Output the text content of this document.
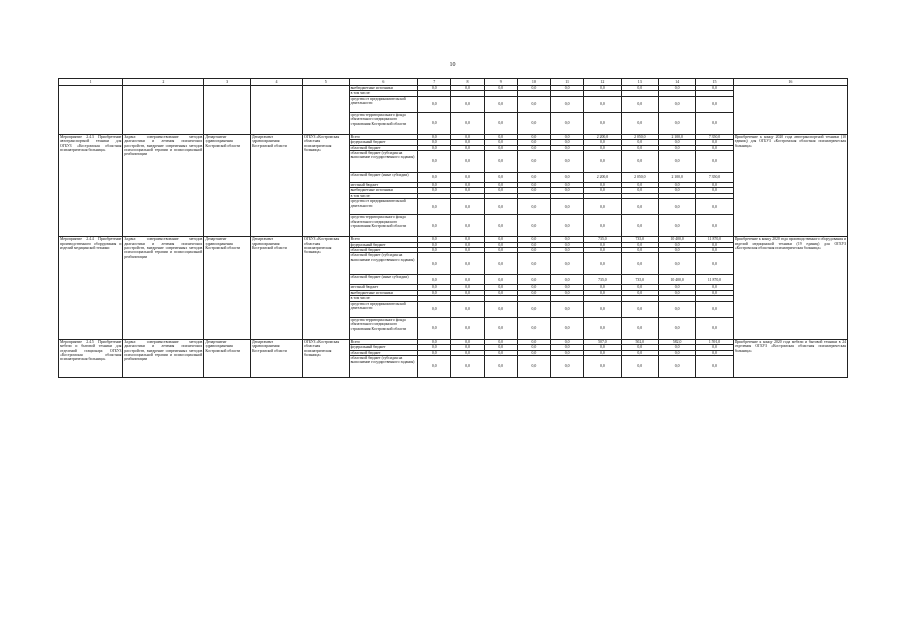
10
1	2	3	4	5	6	7	8	9	10	11	12	13	14	15	16
					внебюджетные источники	0,0	0,0	0,0	0,0	0,0	0,0	0,0	0,0	0,0	
					в том числе:										
					средства от предпринимательской деятельности	0,0	0,0	0,0	0,0	0,0	0,0	0,0	0,0	0,0	
					средства территориального фонда обязательного медицинского страхования Костромской области	0,0	0,0	0,0	0,0	0,0	0,0	0,0	0,0	0,0	
Мероприятие 2.4.3 Приобретение автотранспортной техники для ОГБУЗ «Костромская областная психиатрическая больница»	Задача: совершенствование методов диагностики и лечения психических расстройств, внедрение современных методов психосоциальной терапии и психосоциальной реабилитации	Департамент здравоохранения Костромской области	Департамент здравоохранения Костромской области	ОГБУЗ «Костромская областная психиатрическая больница»	Всего	0,0	0,0	0,0	0,0	0,0	2 200,0	2 050,0	2 100,0	7 350,0	Приобретение к концу 2020 года автотранспортной техники (10 единиц) для ОГБУЗ «Костромская областная психиатрическая больница»
					федеральный бюджет	0,0	0,0	0,0	0,0	0,0	0,0	0,0	0,0	0,0	
					областной бюджет	0,0	0,0	0,0	0,0	0,0	0,0	0,0	0,0	0,0	
					областной бюджет (субсидия на выполнение государственного задания)	0,0	0,0	0,0	0,0	0,0	0,0	0,0	0,0	0,0	
					областной бюджет (иные субсидии)	0,0	0,0	0,0	0,0	0,0	2 200,0	2 050,0	2 100,0	7 350,0	
					местный бюджет	0,0	0,0	0,0	0,0	0,0	0,0	0,0	0,0	0,0	
					внебюджетные источники	0,0	0,0	0,0	0,0	0,0	0,0	0,0	0,0	0,0	
					в том числе:										
					средства от предпринимательской деятельности	0,0	0,0	0,0	0,0	0,0	0,0	0,0	0,0	0,0	
					средства территориального фонда обязательного медицинского страхования Костромской области	0,0	0,0	0,0	0,0	0,0	0,0	0,0	0,0	0,0	
Мероприятие 2.4.4 Приобретение производственного оборудования и изделий медицинской техники	Задача: совершенствование методов диагностики и лечения психических расстройств, внедрение современных методов психосоциальной терапии и психосоциальной реабилитации	Департамент здравоохранения Костромской области	Департамент здравоохранения Костромской области	ОГБУЗ «Костромская областная психиатрическая больница»	Всего	0,0	0,0	0,0	0,0	0,0	735,0	735,0	10 400,0	11 870,0	Приобретение к концу 2020 года производственного оборудования и изделий медицинской техники (19 единиц) для ОГБУЗ «Костромская областная психиатрическая больница»
					федеральный бюджет	0,0	0,0	0,0	0,0	0,0	0,0	0,0	0,0	0,0	
					областной бюджет	0,0	0,0	0,0	0,0	0,0	0,0	0,0	0,0	0,0	
					областной бюджет (субсидия на выполнение государственного задания)	0,0	0,0	0,0	0,0	0,0	0,0	0,0	0,0	0,0	
					областной бюджет (иные субсидии)	0,0	0,0	0,0	0,0	0,0	735,0	735,0	10 400,0	11 870,0	
					местный бюджет	0,0	0,0	0,0	0,0	0,0	0,0	0,0	0,0	0,0	
					внебюджетные источники	0,0	0,0	0,0	0,0	0,0	0,0	0,0	0,0	0,0	
					в том числе:										
					средства от предпринимательской деятельности	0,0	0,0	0,0	0,0	0,0	0,0	0,0	0,0	0,0	
					средства территориального фонда обязательного медицинского страхования Костромской области	0,0	0,0	0,0	0,0	0,0	0,0	0,0	0,0	0,0	
Мероприятие 2.4.5 Приобретение мебели и бытовой техники для отделений стационара ОГБУЗ «Костромская областная психиатрическая больница»	Задача: совершенствование методов диагностики и лечения психических расстройств, внедрение современных методов психосоциальной терапии и психосоциальной реабилитации	Департамент здравоохранения Костромской области	Департамент здравоохранения Костромской области	ОГБУЗ «Костромская областная психиатрическая больница»	Всего	0,0	0,0	0,0	0,0	0,0	507,0	502,0	582,0	1 591,0	Приобретение к концу 2020 года мебели и бытовой техники в 24 отделения ОГБУЗ «Костромская областная психиатрическая больница»
					федеральный бюджет	0,0	0,0	0,0	0,0	0,0	0,0	0,0	0,0	0,0	
					областной бюджет	0,0	0,0	0,0	0,0	0,0	0,0	0,0	0,0	0,0	
					областной бюджет (субсидия на выполнение государственного задания)	0,0	0,0	0,0	0,0	0,0	0,0	0,0	0,0	0,0	
